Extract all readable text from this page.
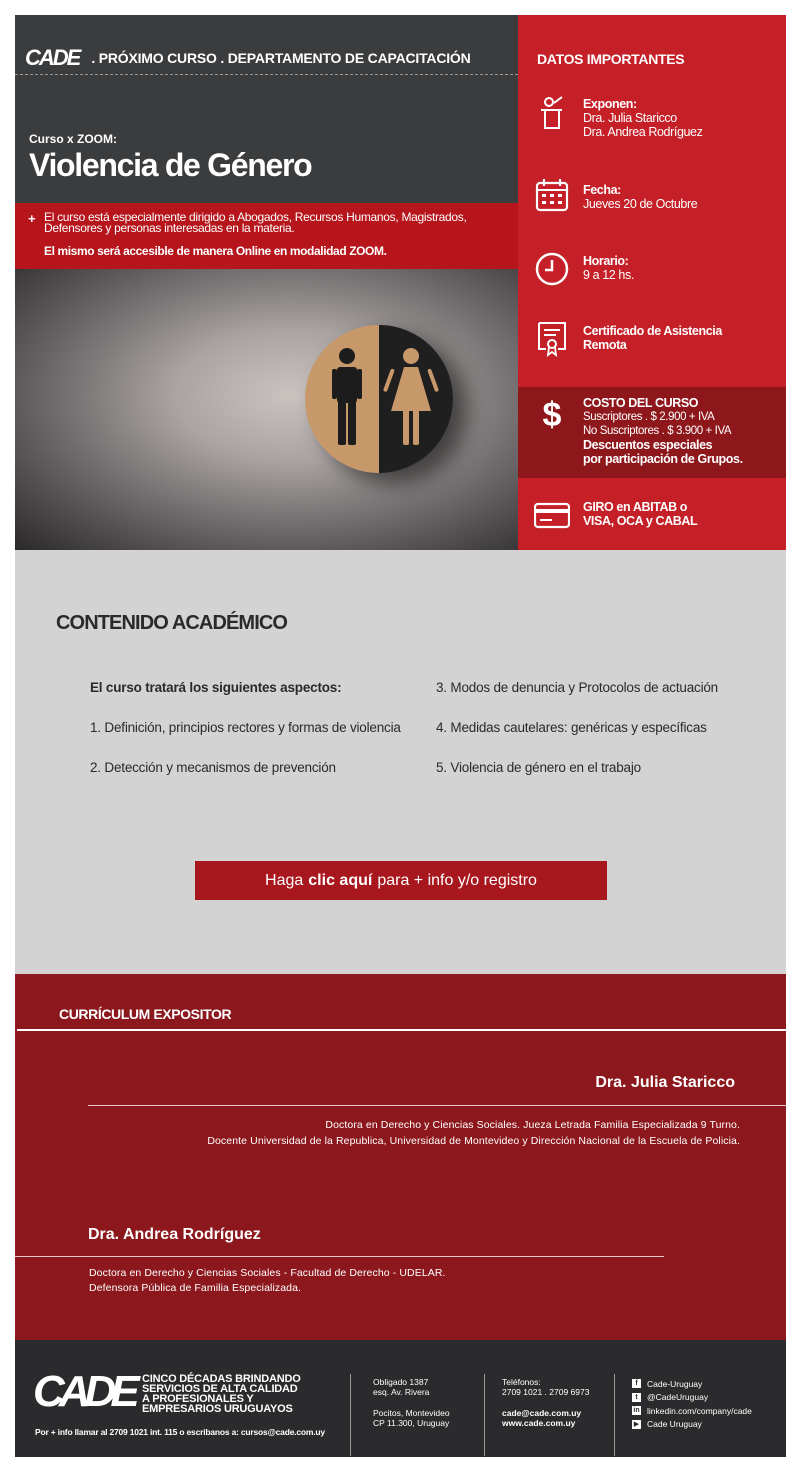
CADE . PRÓXIMO CURSO . DEPARTAMENTO DE CAPACITACIÓN
Curso x ZOOM:
Violencia de Género
+ El curso está especialmente dirigido a Abogados, Recursos Humanos, Magistrados, Defensores y personas interesadas en la materia.
El mismo será accesible de manera Online en modalidad ZOOM.
DATOS IMPORTANTES
Exponen:
Dra. Julia Staricco
Dra. Andrea Rodríguez
Fecha:
Jueves 20 de Octubre
Horario:
9 a 12 hs.
Certificado de Asistencia
Remota
$ COSTO DEL CURSO
Suscriptores . $ 2.900 + IVA
No Suscriptores . $ 3.900 + IVA
Descuentos especiales
por participación de Grupos.
GIRO en ABITAB o
VISA, OCA y CABAL
CONTENIDO ACADÉMICO
El curso tratará los siguientes aspectos:
1. Definición, principios rectores y formas de violencia
2. Detección y mecanismos de prevención
3. Modos de denuncia y Protocolos de actuación
4. Medidas cautelares: genéricas y específicas
5. Violencia de género en el trabajo
Haga clic aquí para + info y/o registro
CURRÍCULUM EXPOSITOR
Dra. Julia Staricco
Doctora en Derecho y Ciencias Sociales. Jueza Letrada Familia Especializada 9 Turno.
Docente Universidad de la Republica, Universidad de Montevideo y Dirección Nacional de la Escuela de Policia.
Dra. Andrea Rodríguez
Doctora en Derecho y Ciencias Sociales - Facultad de Derecho - UDELAR.
Defensora Pública de Familia Especializada.
CADE CINCO DÉCADAS BRINDANDO
SERVICIOS DE ALTA CALIDAD
A PROFESIONALES Y
EMPRESARIOS URUGUAYOS
Por + info llamar al 2709 1021 int. 115 o escribanos a: cursos@cade.com.uy
Obligado 1387
esq. Av. Rivera
Pocitos, Montevideo
CP 11.300, Uruguay
Teléfonos:
2709 1021 . 2709 6973
cade@cade.com.uy
www.cade.com.uy
f	Cade-Uruguay
t	@CadeUruguay
in linkedin.com/company/cade
▶ Cade Uruguay
